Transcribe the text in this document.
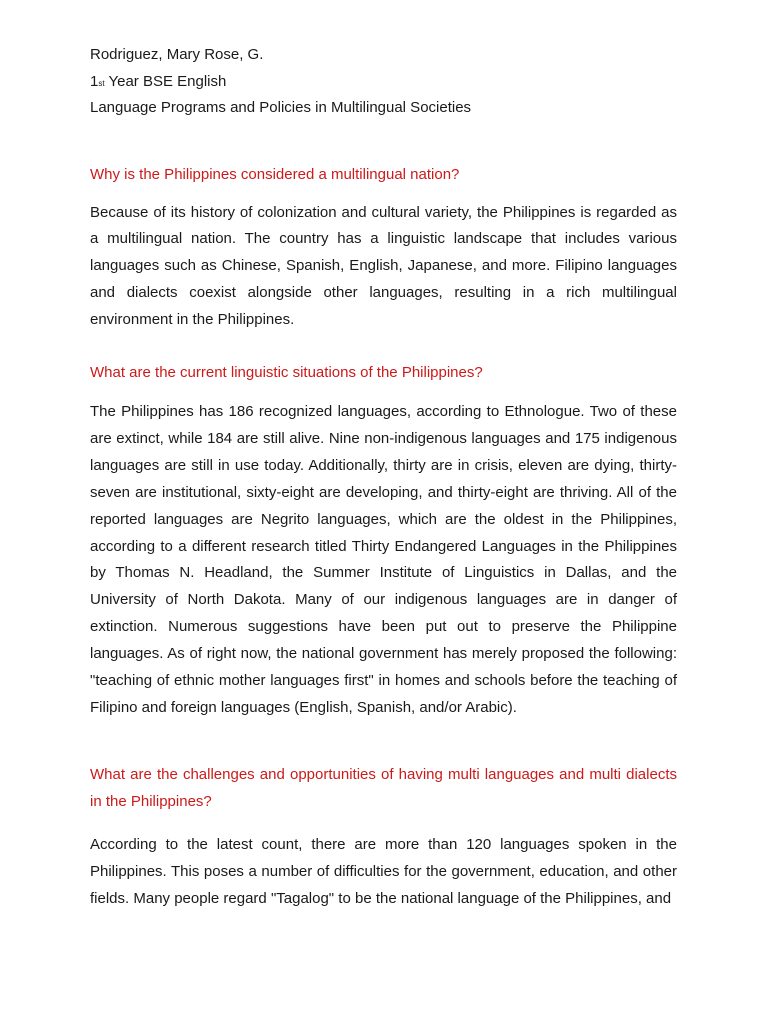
Rodriguez, Mary Rose, G.

1st Year BSE English

Language Programs and Policies in Multilingual Societies

Why is the Philippines considered a multilingual nation?

Because of its history of colonization and cultural variety, the Philippines is regarded as a multilingual nation. The country has a linguistic landscape that includes various languages such as Chinese, Spanish, English, Japanese, and more. Filipino languages and dialects coexist alongside other languages, resulting in a rich multilingual environment in the Philippines.

What are the current linguistic situations of the Philippines?

The Philippines has 186 recognized languages, according to Ethnologue. Two of these are extinct, while 184 are still alive. Nine non-indigenous languages and 175 indigenous languages are still in use today. Additionally, thirty are in crisis, eleven are dying, thirty-seven are institutional, sixty-eight are developing, and thirty-eight are thriving. All of the reported languages are Negrito languages, which are the oldest in the Philippines, according to a different research titled Thirty Endangered Languages in the Philippines by Thomas N. Headland, the Summer Institute of Linguistics in Dallas, and the University of North Dakota. Many of our indigenous languages are in danger of extinction. Numerous suggestions have been put out to preserve the Philippine languages. As of right now, the national government has merely proposed the following: "teaching of ethnic mother languages first" in homes and schools before the teaching of Filipino and foreign languages (English, Spanish, and/or Arabic).

What are the challenges and opportunities of having multi languages and multi dialects in the Philippines?

According to the latest count, there are more than 120 languages spoken in the Philippines. This poses a number of difficulties for the government, education, and other fields. Many people regard "Tagalog" to be the national language of the Philippines, and
